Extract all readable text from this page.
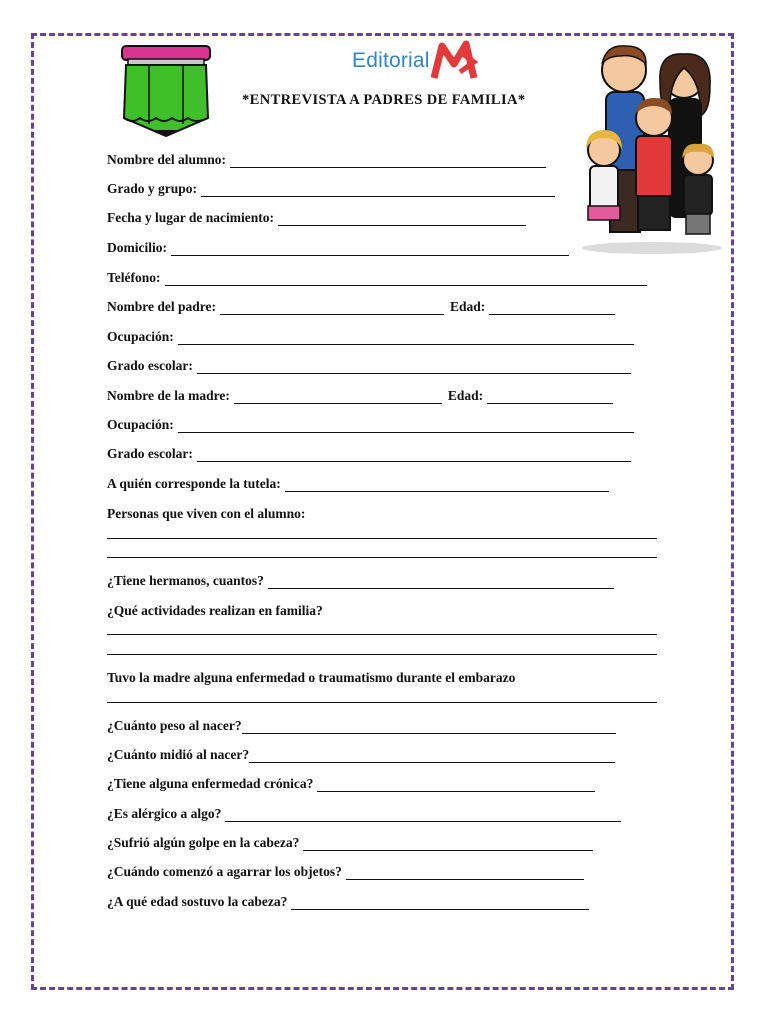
Editorial
*ENTREVISTA A PADRES DE FAMILIA*
Nombre del alumno:
Grado y grupo:
Fecha y lugar de nacimiento:
Domicilio:
Teléfono:
Nombre del padre:	Edad:
Ocupación:
Grado escolar:
Nombre de la madre:	Edad:
Ocupación:
Grado escolar:
A quién corresponde la tutela:
Personas que viven con el alumno:
¿Tiene hermanos, cuantos?
¿Qué actividades realizan en familia?
Tuvo la madre alguna enfermedad o traumatismo durante el embarazo
¿Cuánto peso al nacer?
¿Cuánto midió al nacer?
¿Tiene alguna enfermedad crónica?
¿Es alérgico a algo?
¿Sufrió algún golpe en la cabeza?
¿Cuándo comenzó a agarrar los objetos?
¿A qué edad sostuvo la cabeza?
